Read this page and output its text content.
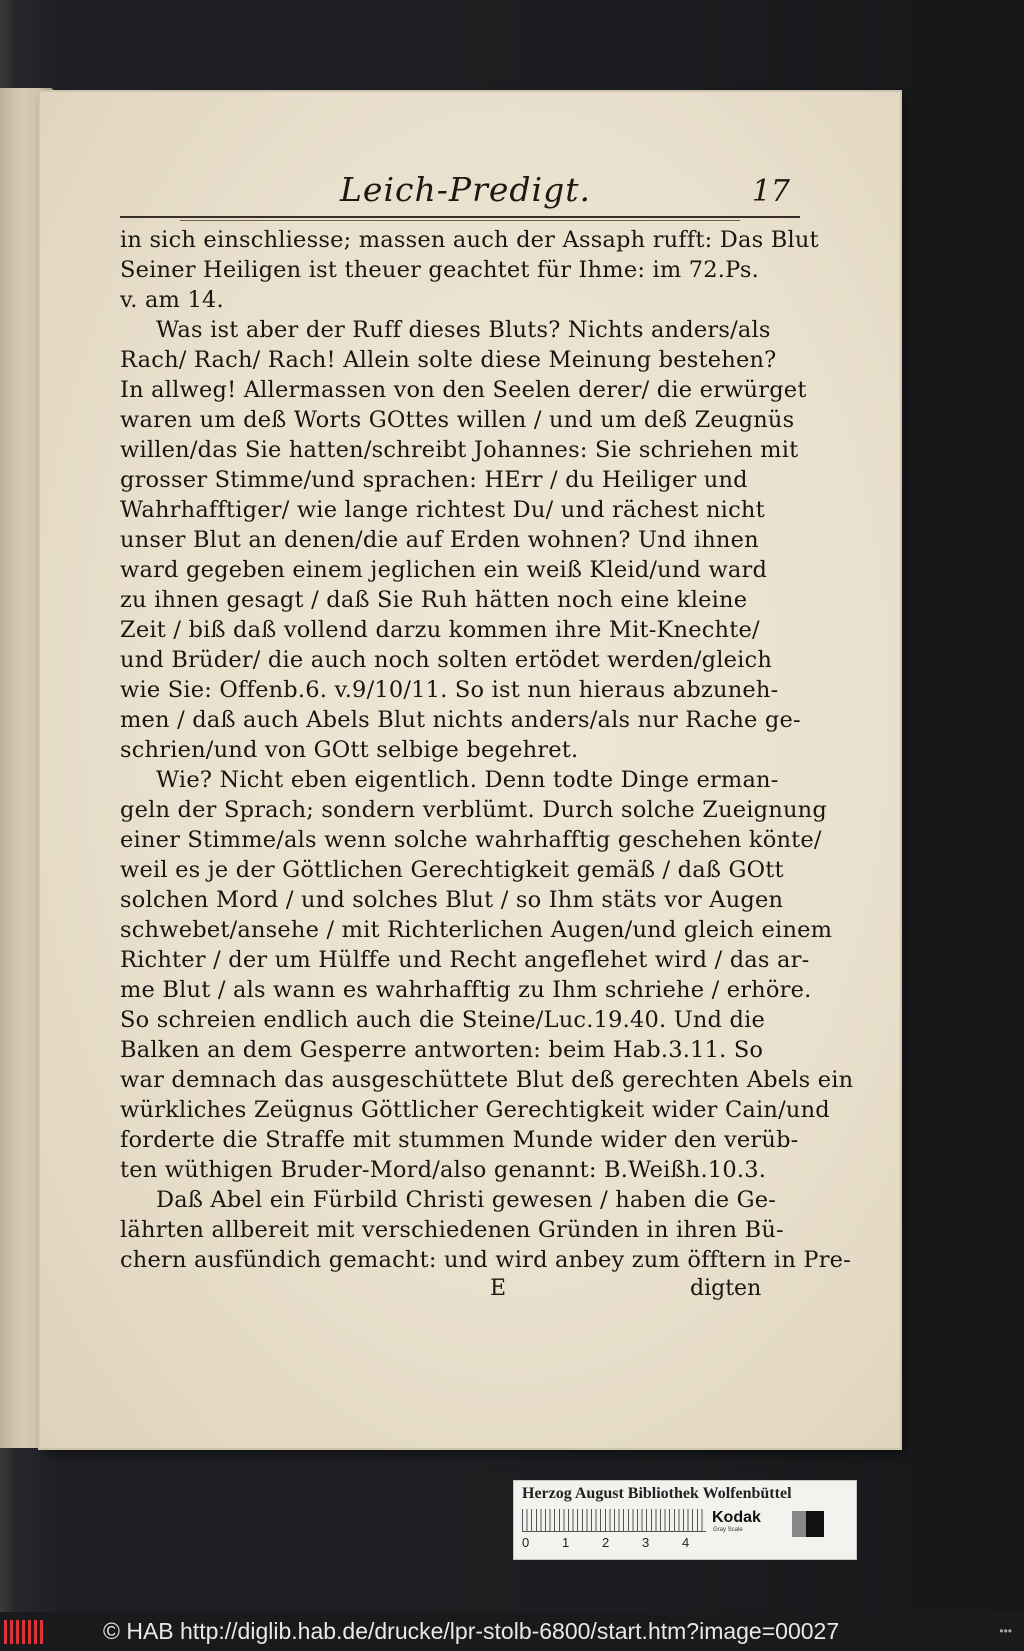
Leich-Predigt.	17
in sich einschliesse; massen auch der Assaph rufft: Das Blut
Seiner Heiligen ist theuer geachtet für Ihme: im 72.Ps.
v. am 14.
Was ist aber der Ruff dieses Bluts? Nichts anders/als
Rach/ Rach/ Rach! Allein solte diese Meinung bestehen?
In allweg! Allermassen von den Seelen derer/ die erwürget
waren um deß Worts GOttes willen / und um deß Zeugnüs
willen/das Sie hatten/schreibt Johannes: Sie schriehen mit
grosser Stimme/und sprachen: HErr / du Heiliger und
Wahrhafftiger/ wie lange richtest Du/ und rächest nicht
unser Blut an denen/die auf Erden wohnen? Und ihnen
ward gegeben einem jeglichen ein weiß Kleid/und ward
zu ihnen gesagt / daß Sie Ruh hätten noch eine kleine
Zeit / biß daß vollend darzu kommen ihre Mit-Knechte/
und Brüder/ die auch noch solten ertödet werden/gleich
wie Sie: Offenb.6. v.9/10/11. So ist nun hieraus abzuneh-
men / daß auch Abels Blut nichts anders/als nur Rache ge-
schrien/und von GOtt selbige begehret.
Wie? Nicht eben eigentlich. Denn todte Dinge erman-
geln der Sprach; sondern verblümt. Durch solche Zueignung
einer Stimme/als wenn solche wahrhafftig geschehen könte/
weil es je der Göttlichen Gerechtigkeit gemäß / daß GOtt
solchen Mord / und solches Blut / so Ihm stäts vor Augen
schwebet/ansehe / mit Richterlichen Augen/und gleich einem
Richter / der um Hülffe und Recht angeflehet wird / das ar-
me Blut / als wann es wahrhafftig zu Ihm schriehe / erhöre.
So schreien endlich auch die Steine/Luc.19.40. Und die
Balken an dem Gesperre antworten: beim Hab.3.11. So
war demnach das ausgeschüttete Blut deß gerechten Abels ein
würkliches Zeügnus Göttlicher Gerechtigkeit wider Cain/und
forderte die Straffe mit stummen Munde wider den verüb-
ten wüthigen Bruder-Mord/also genannt: B.Weißh.10.3.
Daß Abel ein Fürbild Christi gewesen / haben die Ge-
lährten allbereit mit verschiedenen Gründen in ihren Bü-
chern ausfündich gemacht: und wird anbey zum öfftern in Pre-
E	digten
Herzog August Bibliothek Wolfenbüttel
0	1	2	3	4
Kodak
Gray Scale
© HAB http://diglib.hab.de/drucke/lpr-stolb-6800/start.htm?image=00027	•••
